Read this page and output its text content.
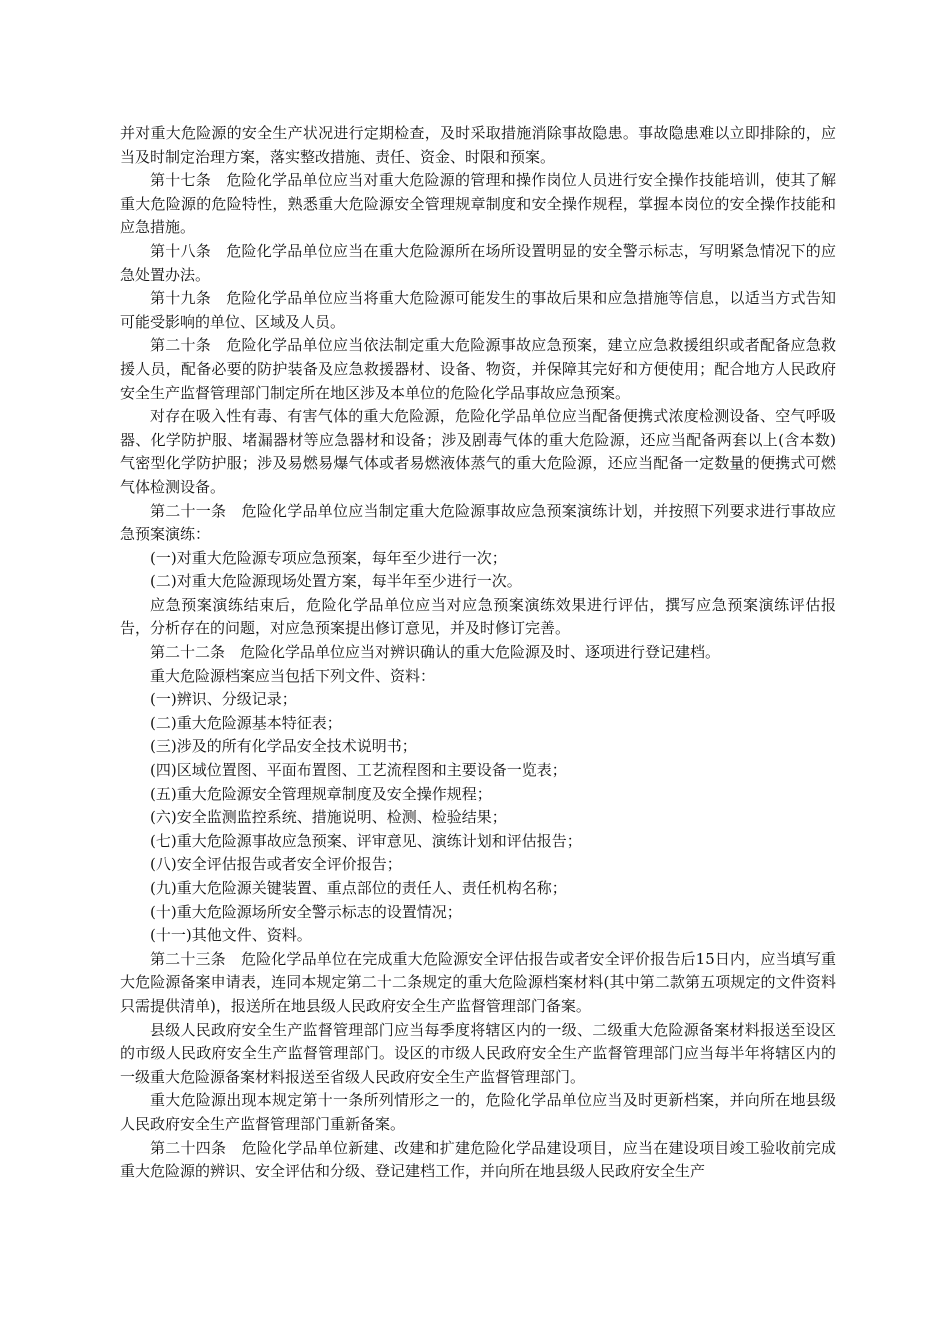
并对重大危险源的安全生产状况进行定期检查，及时采取措施消除事故隐患。事故隐患难以立即排除的，应当及时制定治理方案，落实整改措施、责任、资金、时限和预案。

第十七条　危险化学品单位应当对重大危险源的管理和操作岗位人员进行安全操作技能培训，使其了解重大危险源的危险特性，熟悉重大危险源安全管理规章制度和安全操作规程，掌握本岗位的安全操作技能和应急措施。

第十八条　危险化学品单位应当在重大危险源所在场所设置明显的安全警示标志，写明紧急情况下的应急处置办法。

第十九条　危险化学品单位应当将重大危险源可能发生的事故后果和应急措施等信息，以适当方式告知可能受影响的单位、区域及人员。

第二十条　危险化学品单位应当依法制定重大危险源事故应急预案，建立应急救援组织或者配备应急救援人员，配备必要的防护装备及应急救援器材、设备、物资，并保障其完好和方便使用；配合地方人民政府安全生产监督管理部门制定所在地区涉及本单位的危险化学品事故应急预案。

对存在吸入性有毒、有害气体的重大危险源，危险化学品单位应当配备便携式浓度检测设备、空气呼吸器、化学防护服、堵漏器材等应急器材和设备；涉及剧毒气体的重大危险源，还应当配备两套以上(含本数)气密型化学防护服；涉及易燃易爆气体或者易燃液体蒸气的重大危险源，还应当配备一定数量的便携式可燃气体检测设备。

第二十一条　危险化学品单位应当制定重大危险源事故应急预案演练计划，并按照下列要求进行事故应急预案演练：

(一)对重大危险源专项应急预案，每年至少进行一次；

(二)对重大危险源现场处置方案，每半年至少进行一次。

应急预案演练结束后，危险化学品单位应当对应急预案演练效果进行评估，撰写应急预案演练评估报告，分析存在的问题，对应急预案提出修订意见，并及时修订完善。

第二十二条　危险化学品单位应当对辨识确认的重大危险源及时、逐项进行登记建档。

重大危险源档案应当包括下列文件、资料：

(一)辨识、分级记录；

(二)重大危险源基本特征表；

(三)涉及的所有化学品安全技术说明书；

(四)区域位置图、平面布置图、工艺流程图和主要设备一览表；

(五)重大危险源安全管理规章制度及安全操作规程；

(六)安全监测监控系统、措施说明、检测、检验结果；

(七)重大危险源事故应急预案、评审意见、演练计划和评估报告；

(八)安全评估报告或者安全评价报告；

(九)重大危险源关键装置、重点部位的责任人、责任机构名称；

(十)重大危险源场所安全警示标志的设置情况；

(十一)其他文件、资料。

第二十三条　危险化学品单位在完成重大危险源安全评估报告或者安全评价报告后15日内，应当填写重大危险源备案申请表，连同本规定第二十二条规定的重大危险源档案材料(其中第二款第五项规定的文件资料只需提供清单)，报送所在地县级人民政府安全生产监督管理部门备案。

县级人民政府安全生产监督管理部门应当每季度将辖区内的一级、二级重大危险源备案材料报送至设区的市级人民政府安全生产监督管理部门。设区的市级人民政府安全生产监督管理部门应当每半年将辖区内的一级重大危险源备案材料报送至省级人民政府安全生产监督管理部门。

重大危险源出现本规定第十一条所列情形之一的，危险化学品单位应当及时更新档案，并向所在地县级人民政府安全生产监督管理部门重新备案。

第二十四条　危险化学品单位新建、改建和扩建危险化学品建设项目，应当在建设项目竣工验收前完成重大危险源的辨识、安全评估和分级、登记建档工作，并向所在地县级人民政府安全生产
